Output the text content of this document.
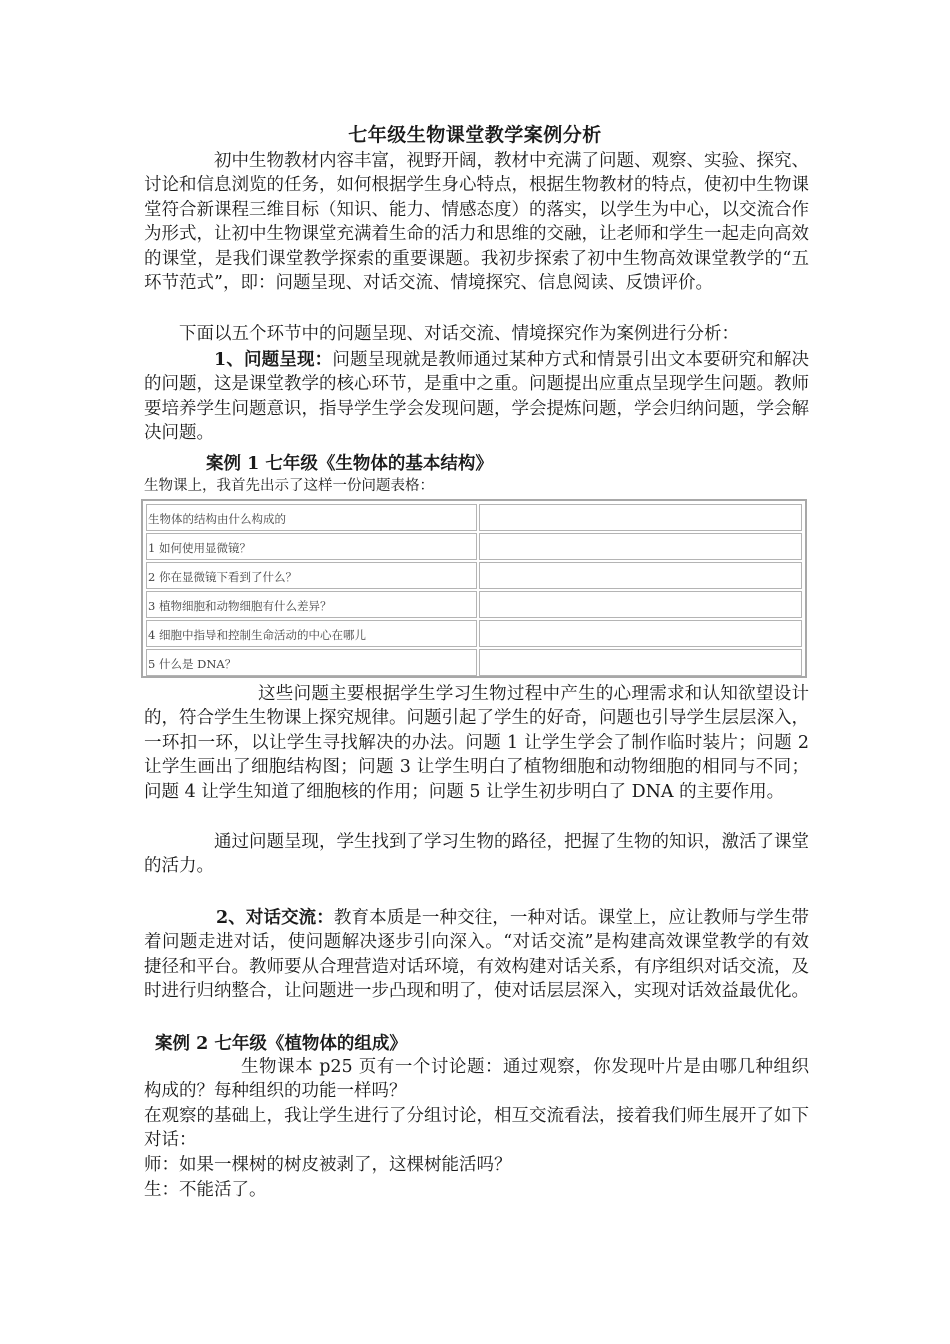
七年级生物课堂教学案例分析

初中生物教材内容丰富，视野开阔，教材中充满了问题、观察、实验、探究、讨论和信息浏览的任务，如何根据学生身心特点，根据生物教材的特点，使初中生物课堂符合新课程三维目标（知识、能力、情感态度）的落实，以学生为中心，以交流合作为形式，让初中生物课堂充满着生命的活力和思维的交融，让老师和学生一起走向高效的课堂，是我们课堂教学探索的重要课题。我初步探索了初中生物高效课堂教学的“五环节范式”，即：问题呈现、对话交流、情境探究、信息阅读、反馈评价。

下面以五个环节中的问题呈现、对话交流、情境探究作为案例进行分析：

1、问题呈现：问题呈现就是教师通过某种方式和情景引出文本要研究和解决的问题，这是课堂教学的核心环节，是重中之重。问题提出应重点呈现学生问题。教师要培养学生问题意识，指导学生学会发现问题，学会提炼问题，学会归纳问题，学会解决问题。

案例 1 七年级《生物体的基本结构》

生物课上，我首先出示了这样一份问题表格：

生物体的结构由什么构成的
1 如何使用显微镜？
2 你在显微镜下看到了什么？
3 植物细胞和动物细胞有什么差异？
4 细胞中指导和控制生命活动的中心在哪儿
5 什么是 DNA？

这些问题主要根据学生学习生物过程中产生的心理需求和认知欲望设计的，符合学生生物课上探究规律。问题引起了学生的好奇，问题也引导学生层层深入，一环扣一环，以让学生寻找解决的办法。问题 1 让学生学会了制作临时装片；问题 2 让学生画出了细胞结构图；问题 3 让学生明白了植物细胞和动物细胞的相同与不同；问题 4 让学生知道了细胞核的作用；问题 5 让学生初步明白了 DNA 的主要作用。

通过问题呈现，学生找到了学习生物的路径，把握了生物的知识，激活了课堂的活力。

2、对话交流：教育本质是一种交往，一种对话。课堂上，应让教师与学生带着问题走进对话，使问题解决逐步引向深入。“对话交流”是构建高效课堂教学的有效捷径和平台。教师要从合理营造对话环境，有效构建对话关系，有序组织对话交流，及时进行归纳整合，让问题进一步凸现和明了，使对话层层深入，实现对话效益最优化。

案例 2 七年级《植物体的组成》

生物课本 p25 页有一个讨论题：通过观察，你发现叶片是由哪几种组织构成的？每种组织的功能一样吗？

在观察的基础上，我让学生进行了分组讨论，相互交流看法，接着我们师生展开了如下对话：

师：如果一棵树的树皮被剥了，这棵树能活吗？

生：不能活了。
